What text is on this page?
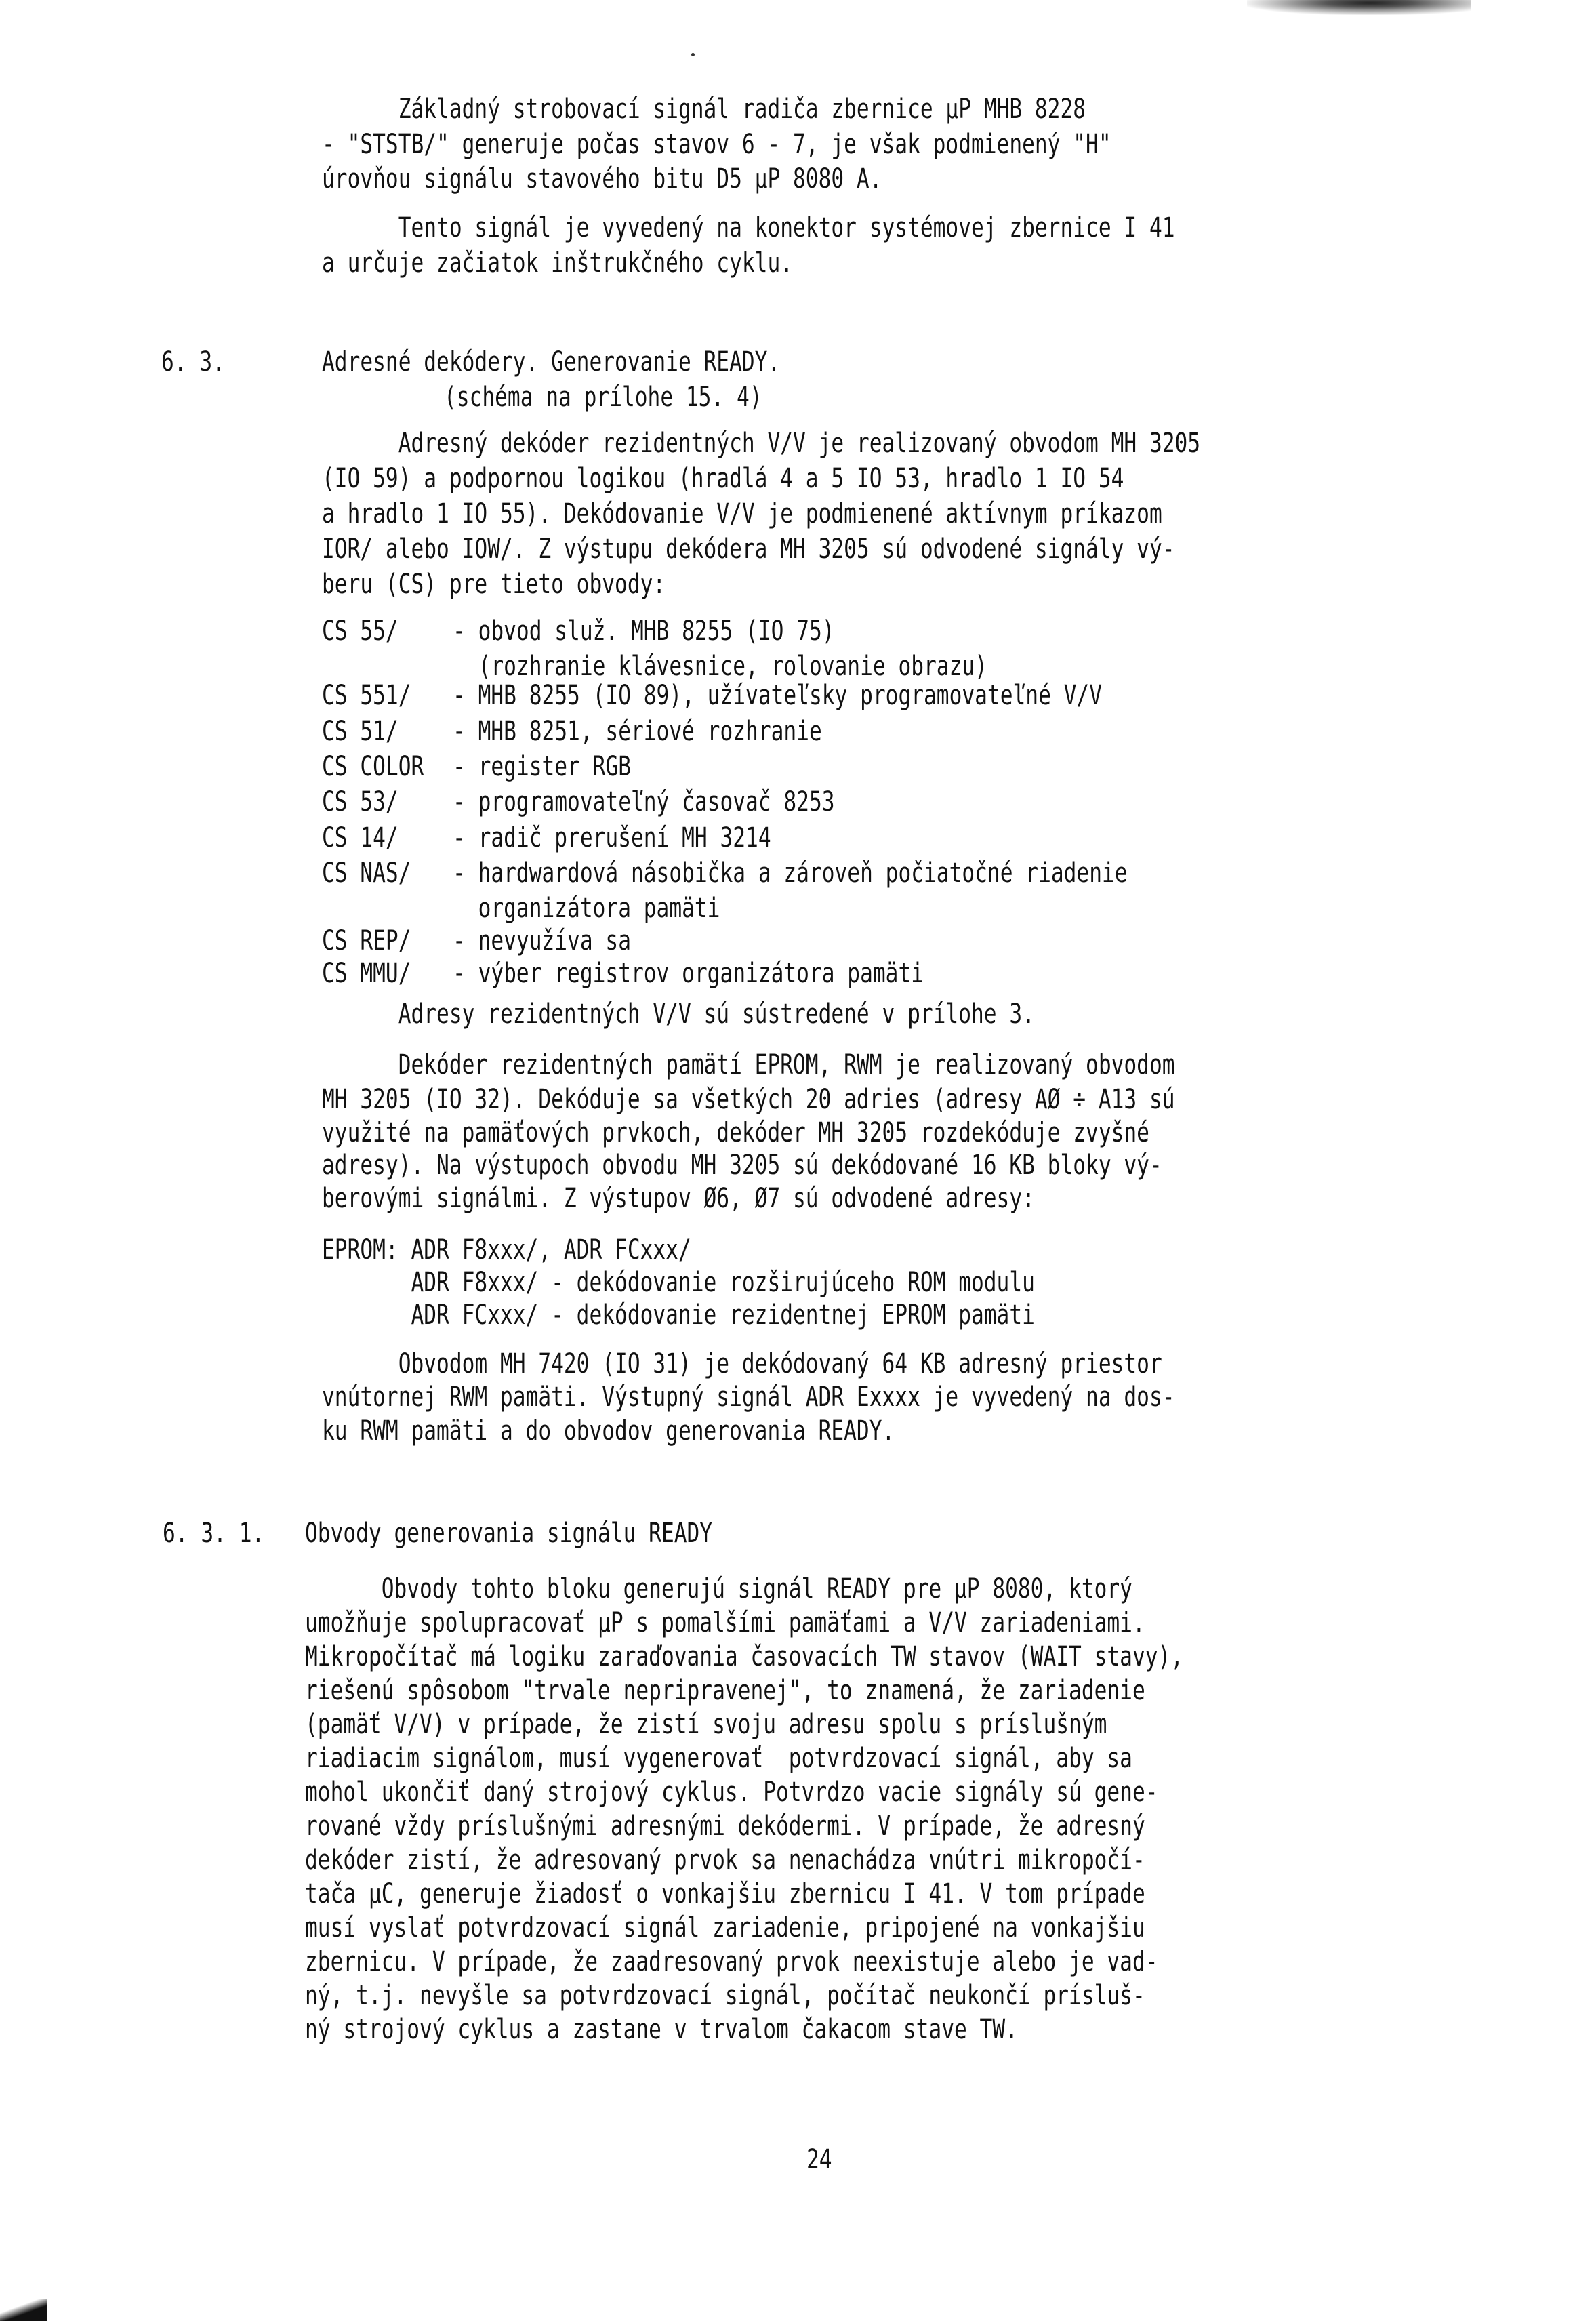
Základný strobovací signál radiča zbernice µP MHB 8228
- "STSTB/" generuje počas stavov 6 - 7, je však podmienený "H"
úrovňou signálu stavového bitu D5 µP 8080 A.
Tento signál je vyvedený na konektor systémovej zbernice I 41
a určuje začiatok inštrukčného cyklu.
6. 3.	Adresné dekódery. Generovanie READY.
(schéma na prílohe 15. 4)
Adresný dekóder rezidentných V/V je realizovaný obvodom MH 3205
(IO 59) a podpornou logikou (hradlá 4 a 5 IO 53, hradlo 1 IO 54
a hradlo 1 IO 55). Dekódovanie V/V je podmienené aktívnym príkazom
IOR/ alebo IOW/. Z výstupu dekódera MH 3205 sú odvodené signály vý-
beru (CS) pre tieto obvody:
CS 55/ - obvod služ. MHB 8255 (IO 75)
(rozhranie klávesnice, rolovanie obrazu)
CS 551/ - MHB 8255 (IO 89), užívateľsky programovateľné V/V
CS 51/ - MHB 8251, sériové rozhranie
CS COLOR - register RGB
CS 53/ - programovateľný časovač 8253
CS 14/ - radič prerušení MH 3214
CS NAS/ - hardwardová násobička a zároveň počiatočné riadenie
organizátora pamäti
CS REP/ - nevyužíva sa
CS MMU/ - výber registrov organizátora pamäti
Adresy rezidentných V/V sú sústredené v prílohe 3.
Dekóder rezidentných pamätí EPROM, RWM je realizovaný obvodom
MH 3205 (IO 32). Dekóduje sa všetkých 20 adries (adresy AØ ÷ A13 sú
využité na pamäťových prvkoch, dekóder MH 3205 rozdekóduje zvyšné
adresy). Na výstupoch obvodu MH 3205 sú dekódované 16 KB bloky vý-
berovými signálmi. Z výstupov Ø6, Ø7 sú odvodené adresy:
EPROM: ADR F8xxx/, ADR FCxxx/
ADR F8xxx/ - dekódovanie rozširujúceho ROM modulu
ADR FCxxx/ - dekódovanie rezidentnej EPROM pamäti
Obvodom MH 7420 (IO 31) je dekódovaný 64 KB adresný priestor
vnútornej RWM pamäti. Výstupný signál ADR Exxxx je vyvedený na dos-
ku RWM pamäti a do obvodov generovania READY.
6. 3. 1. Obvody generovania signálu READY
Obvody tohto bloku generujú signál READY pre µP 8080, ktorý
umožňuje spolupracovať µP s pomalšími pamäťami a V/V zariadeniami.
Mikropočítač má logiku zaraďovania časovacích TW stavov (WAIT stavy),
riešenú spôsobom "trvale nepripravenej", to znamená, že zariadenie
(pamäť V/V) v prípade, že zistí svoju adresu spolu s príslušným
riadiacim signálom, musí vygenerovať  potvrdzovací signál, aby sa
mohol ukončiť daný strojový cyklus. Potvrdzo vacie signály sú gene-
rované vždy príslušnými adresnými dekódermi. V prípade, že adresný
dekóder zistí, že adresovaný prvok sa nenachádza vnútri mikropočí-
tača µC, generuje žiadosť o vonkajšiu zbernicu I 41. V tom prípade
musí vyslať potvrdzovací signál zariadenie, pripojené na vonkajšiu
zbernicu. V prípade, že zaadresovaný prvok neexistuje alebo je vad-
ný, t.j. nevyšle sa potvrdzovací signál, počítač neukončí prísluš-
ný strojový cyklus a zastane v trvalom čakacom stave TW.
24
